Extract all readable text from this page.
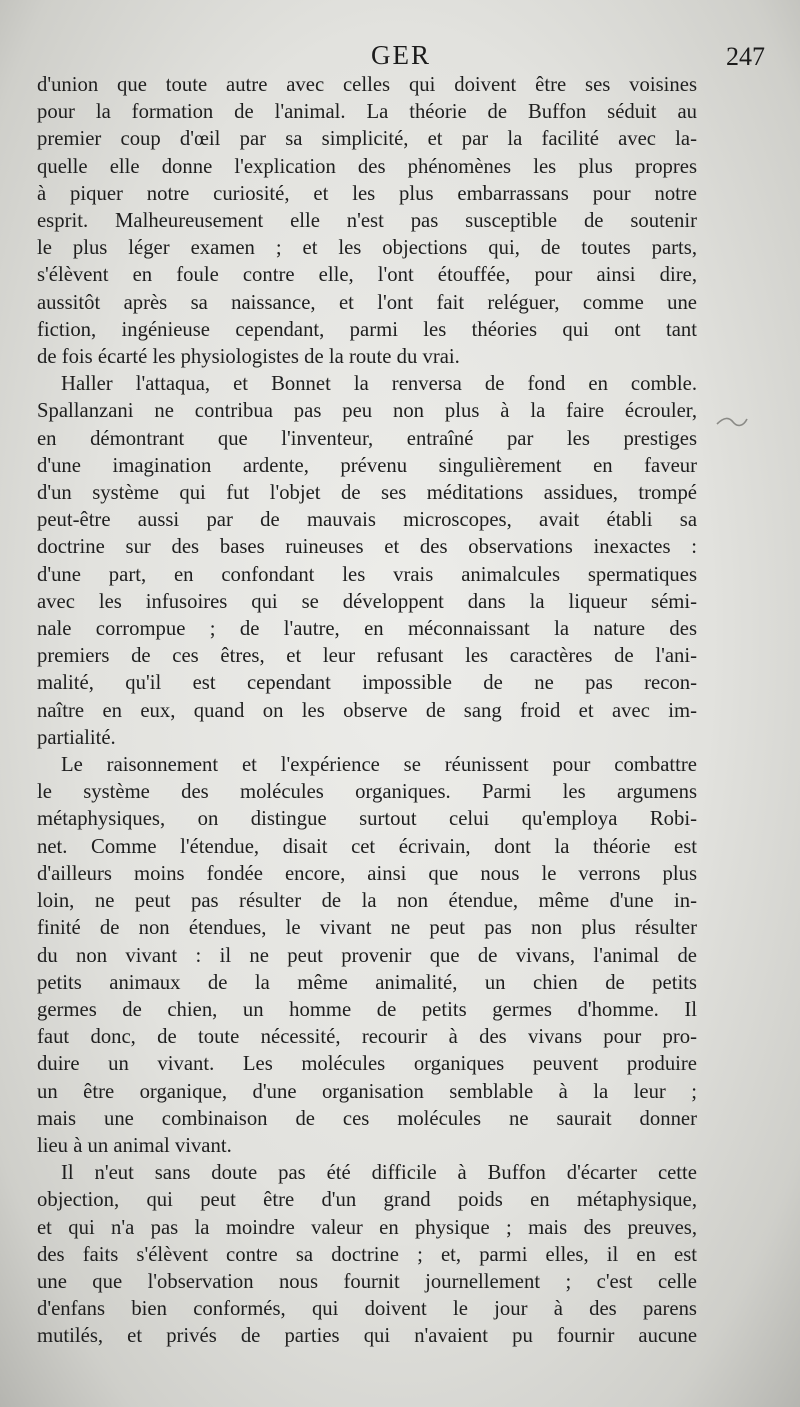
GER	247

d'union que toute autre avec celles qui doivent être ses voisines
pour la formation de l'animal. La théorie de Buffon séduit au
premier coup d'œil par sa simplicité, et par la facilité avec la-
quelle elle donne l'explication des phénomènes les plus propres
à piquer notre curiosité, et les plus embarrassans pour notre
esprit. Malheureusement elle n'est pas susceptible de soutenir
le plus léger examen ; et les objections qui, de toutes parts,
s'élèvent en foule contre elle, l'ont étouffée, pour ainsi dire,
aussitôt après sa naissance, et l'ont fait reléguer, comme une
fiction, ingénieuse cependant, parmi les théories qui ont tant
de fois écarté les physiologistes de la route du vrai.

Haller l'attaqua, et Bonnet la renversa de fond en comble.
Spallanzani ne contribua pas peu non plus à la faire écrouler,
en démontrant que l'inventeur, entraîné par les prestiges
d'une imagination ardente, prévenu singulièrement en faveur
d'un système qui fut l'objet de ses méditations assidues, trompé
peut-être aussi par de mauvais microscopes, avait établi sa
doctrine sur des bases ruineuses et des observations inexactes :
d'une part, en confondant les vrais animalcules spermatiques
avec les infusoires qui se développent dans la liqueur sémi-
nale corrompue ; de l'autre, en méconnaissant la nature des
premiers de ces êtres, et leur refusant les caractères de l'ani-
malité, qu'il est cependant impossible de ne pas recon-
naître en eux, quand on les observe de sang froid et avec im-
partialité.

Le raisonnement et l'expérience se réunissent pour combattre
le système des molécules organiques. Parmi les argumens
métaphysiques, on distingue surtout celui qu'employa Robi-
net. Comme l'étendue, disait cet écrivain, dont la théorie est
d'ailleurs moins fondée encore, ainsi que nous le verrons plus
loin, ne peut pas résulter de la non étendue, même d'une in-
finité de non étendues, le vivant ne peut pas non plus résulter
du non vivant : il ne peut provenir que de vivans, l'animal de
petits animaux de la même animalité, un chien de petits
germes de chien, un homme de petits germes d'homme. Il
faut donc, de toute nécessité, recourir à des vivans pour pro-
duire un vivant. Les molécules organiques peuvent produire
un être organique, d'une organisation semblable à la leur ;
mais une combinaison de ces molécules ne saurait donner
lieu à un animal vivant.

Il n'eut sans doute pas été difficile à Buffon d'écarter cette
objection, qui peut être d'un grand poids en métaphysique,
et qui n'a pas la moindre valeur en physique ; mais des preuves,
des faits s'élèvent contre sa doctrine ; et, parmi elles, il en est
une que l'observation nous fournit journellement ; c'est celle
d'enfans bien conformés, qui doivent le jour à des parens
mutilés, et privés de parties qui n'avaient pu fournir aucune
